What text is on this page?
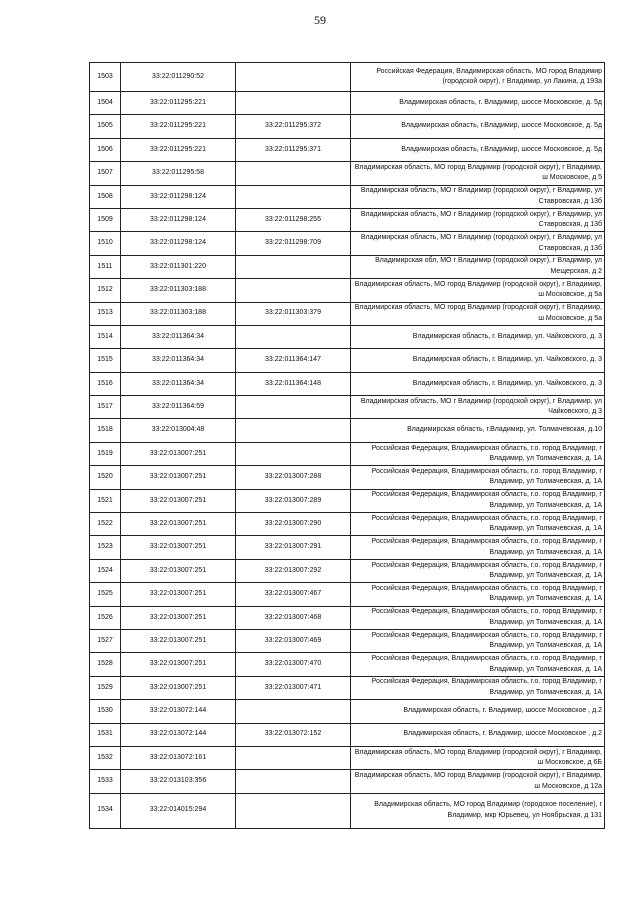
59
1503	33:22:011290:52		Российская Федерация, Владимирская область, МО город Владимир (городской округ), г Владимир, ул Лакина, д 193а
1504	33:22:011295:221		Владимирская область, г. Владимир, шоссе Московское, д. 5д
1505	33:22:011295:221	33:22:011295:372	Владимирская область, г.Владимир, шоссе Московское, д. 5д
1506	33:22:011295:221	33:22:011295:371	Владимирская область, г.Владимир, шоссе Московское, д. 5д
1507	33:22:011295:58		Владимирская область, МО город Владимир (городской округ), г Владимир, ш Московское, д 5
1508	33:22:011298:124		Владимирская область, МО г Владимир (городской округ), г Владимир, ул Ставровская, д 13б
1509	33:22:011298:124	33:22:011298:255	Владимирская область, МО г Владимир (городской округ), г Владимир, ул Ставровская, д 13б
1510	33:22:011298:124	33:22:011298:709	Владимирская область, МО г Владимир (городской округ), г Владимир, ул Ставровская, д 13б
1511	33:22:011301:220		Владимирская обл, МО г Владимир (городской округ), г Владимир, ул Мещерская, д 2
1512	33:22:011303:188		Владимирская область, МО город Владимир (городской округ), г Владимир, ш Московское, д 5а
1513	33:22:011303:188	33:22:011303:379	Владимирская область, МО город Владимир (городской округ), г Владимир, ш Московское, д 5а
1514	33:22:011364:34		Владимирская область, г. Владимир, ул. Чайковского, д. 3
1515	33:22:011364:34	33:22:011364:147	Владимирская область, г. Владимир, ул. Чайковского, д. 3
1516	33:22:011364:34	33:22:011364:148	Владимирская область, г. Владимир, ул. Чайковского, д. 3
1517	33:22:011364:59		Владимирская область, МО г Владимир (городской округ), г Владимир, ул Чайковского, д 3
1518	33:22:013004:48		Владимирская область, г.Владимир, ул. Толмачевская, д.10
1519	33:22:013007:251		Российская Федерация, Владимирская область, г.о. город Владимир, г Владимир, ул Толмачевская, д. 1А
1520	33:22:013007:251	33:22:013007:288	Российская Федерация, Владимирская область, г.о. город Владимир, г Владимир, ул Толмачевская, д. 1А
1521	33:22:013007:251	33:22:013007:289	Российская Федерация, Владимирская область, г.о. город Владимир, г Владимир, ул Толмачевская, д. 1А
1522	33:22:013007:251	33:22:013007:290	Российская Федерация, Владимирская область, г.о. город Владимир, г Владимир, ул Толмачевская, д. 1А
1523	33:22:013007:251	33:22:013007:291	Российская Федерация, Владимирская область, г.о. город Владимир, г Владимир, ул Толмачевская, д. 1А
1524	33:22:013007:251	33:22:013007:292	Российская Федерация, Владимирская область, г.о. город Владимир, г Владимир, ул Толмачевская, д. 1А
1525	33:22:013007:251	33:22:013007:467	Российская Федерация, Владимирская область, г.о. город Владимир, г Владимир, ул Толмачевская, д. 1А
1526	33:22:013007:251	33:22:013007:468	Российская Федерация, Владимирская область, г.о. город Владимир, г Владимир, ул Толмачевская, д. 1А
1527	33:22:013007:251	33:22:013007:469	Российская Федерация, Владимирская область, г.о. город Владимир, г Владимир, ул Толмачевская, д. 1А
1528	33:22:013007:251	33:22:013007:470	Российская Федерация, Владимирская область, г.о. город Владимир, г Владимир, ул Толмачевская, д. 1А
1529	33:22:013007:251	33:22:013007:471	Российская Федерация, Владимирская область, г.о. город Владимир, г Владимир, ул Толмачевская, д. 1А
1530	33:22:013072:144		Владимирская область, г. Владимир, шоссе Московское , д.2
1531	33:22:013072:144	33:22:013072:152	Владимирская область, г. Владимир, шоссе Московское , д.2
1532	33:22:013072:161		Владимирская область, МО город Владимир (городской округ), г Владимир, ш Московское, д 6Б
1533	33:22:013103:356		Владимирская область, МО город Владимир (городской округ), г Владимир, ш Московское, д 12а
1534	33:22:014015:294		Владимирская область, МО город Владимир (городское поселение), г Владимир, мкр Юрьевец, ул Ноябрьская, д 131
